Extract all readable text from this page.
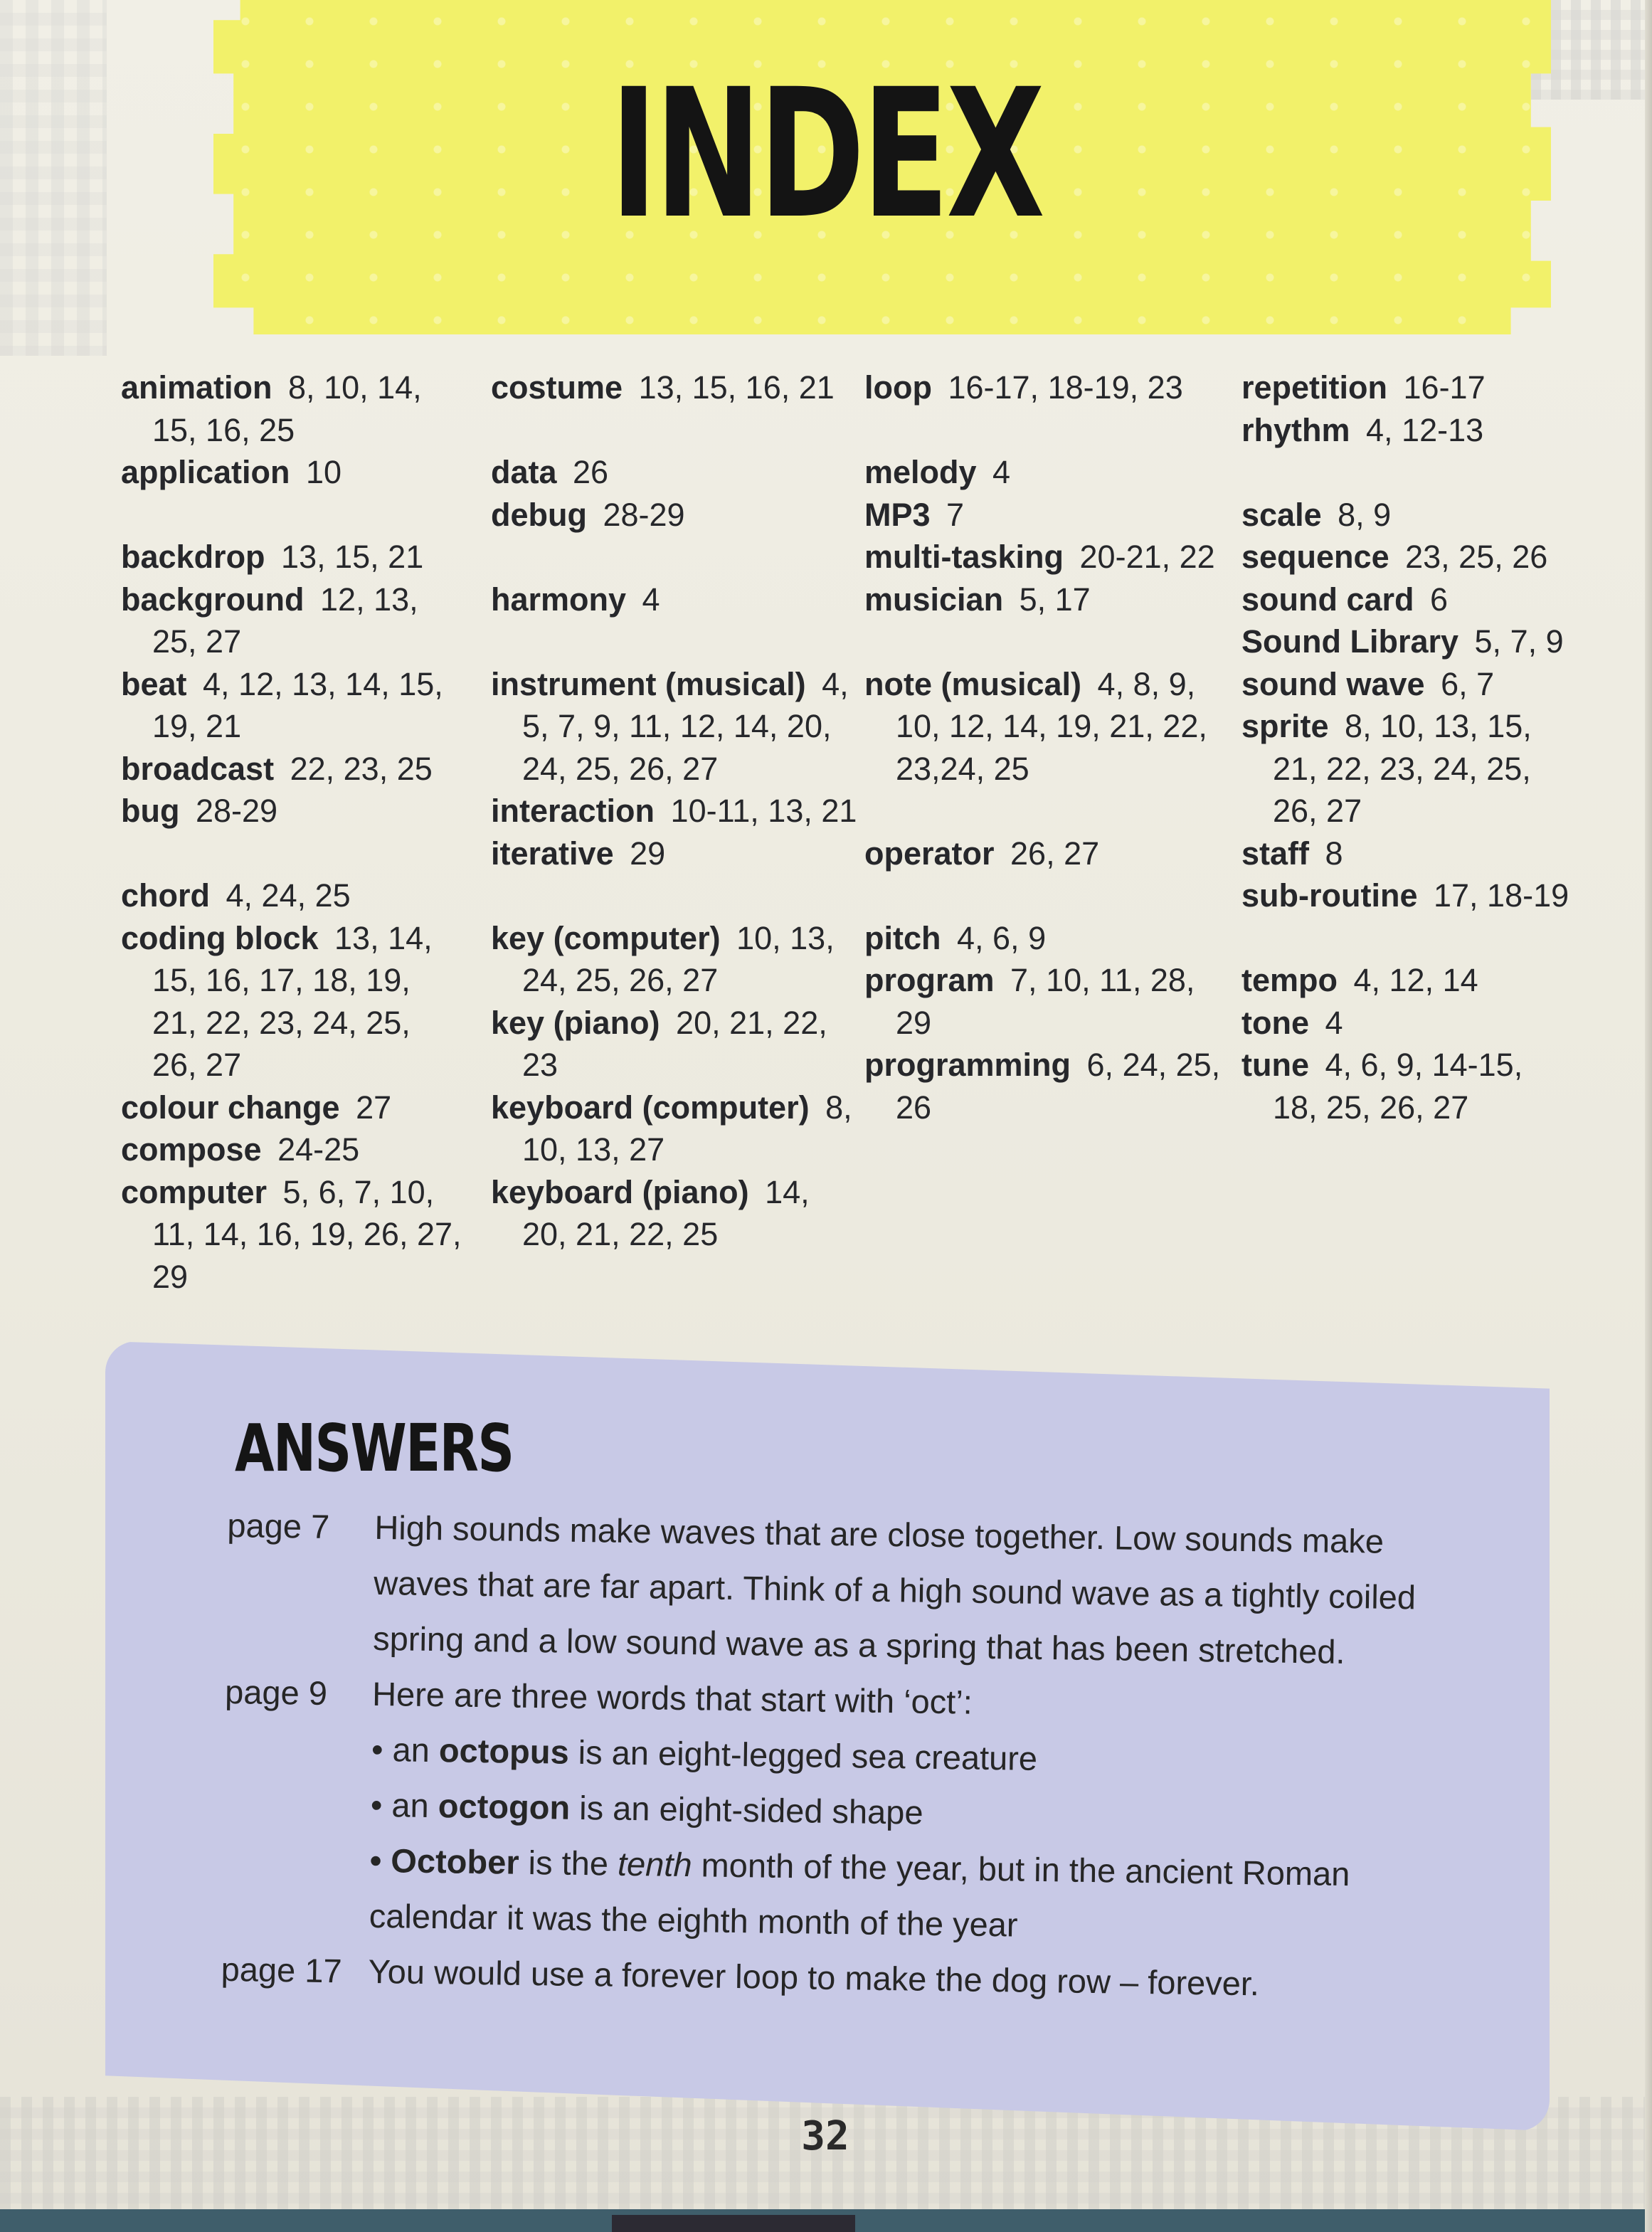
INDEX

animation  8, 10, 14, 15, 16, 25

application  10

backdrop  13, 15, 21

background  12, 13, 25, 27

beat  4, 12, 13, 14, 15, 19, 21

broadcast  22, 23, 25

bug  28-29

chord  4, 24, 25

coding block  13, 14, 15, 16, 17, 18, 19, 21, 22, 23, 24, 25, 26, 27

colour change  27

compose  24-25

computer  5, 6, 7, 10, 11, 14, 16, 19, 26, 27, 29

costume  13, 15, 16, 21

data  26

debug  28-29

harmony  4

instrument (musical)  4, 5, 7, 9, 11, 12, 14, 20, 24, 25, 26, 27

interaction  10-11, 13, 21

iterative  29

key (computer)  10, 13, 24, 25, 26, 27

key (piano)  20, 21, 22, 23

keyboard (computer)  8, 10, 13, 27

keyboard (piano)  14, 20, 21, 22, 25

loop  16-17, 18-19, 23

melody  4

MP3  7

multi-tasking  20-21, 22

musician  5, 17

note (musical)  4, 8, 9, 10, 12, 14, 19, 21, 22, 23,24, 25

operator  26, 27

pitch  4, 6, 9

program  7, 10, 11, 28, 29

programming  6, 24, 25, 26

repetition  16-17

rhythm  4, 12-13

scale  8, 9

sequence  23, 25, 26

sound card  6

Sound Library  5, 7, 9

sound wave  6, 7

sprite  8, 10, 13, 15, 21, 22, 23, 24, 25, 26, 27

staff  8

sub-routine  17, 18-19

tempo  4, 12, 14

tone  4

tune  4, 6, 9, 14-15, 18, 25, 26, 27

ANSWERS
page 7	High sounds make waves that are close together. Low sounds make

waves that are far apart. Think of a high sound wave as a tightly coiled

spring and a low sound wave as a spring that has been stretched.

page 9	Here are three words that start with ‘oct’:

• an octopus is an eight-legged sea creature

• an octogon is an eight-sided shape

• October is the tenth month of the year, but in the ancient Roman

calendar it was the eighth month of the year

page 17 You would use a forever loop to make the dog row – forever.

32
